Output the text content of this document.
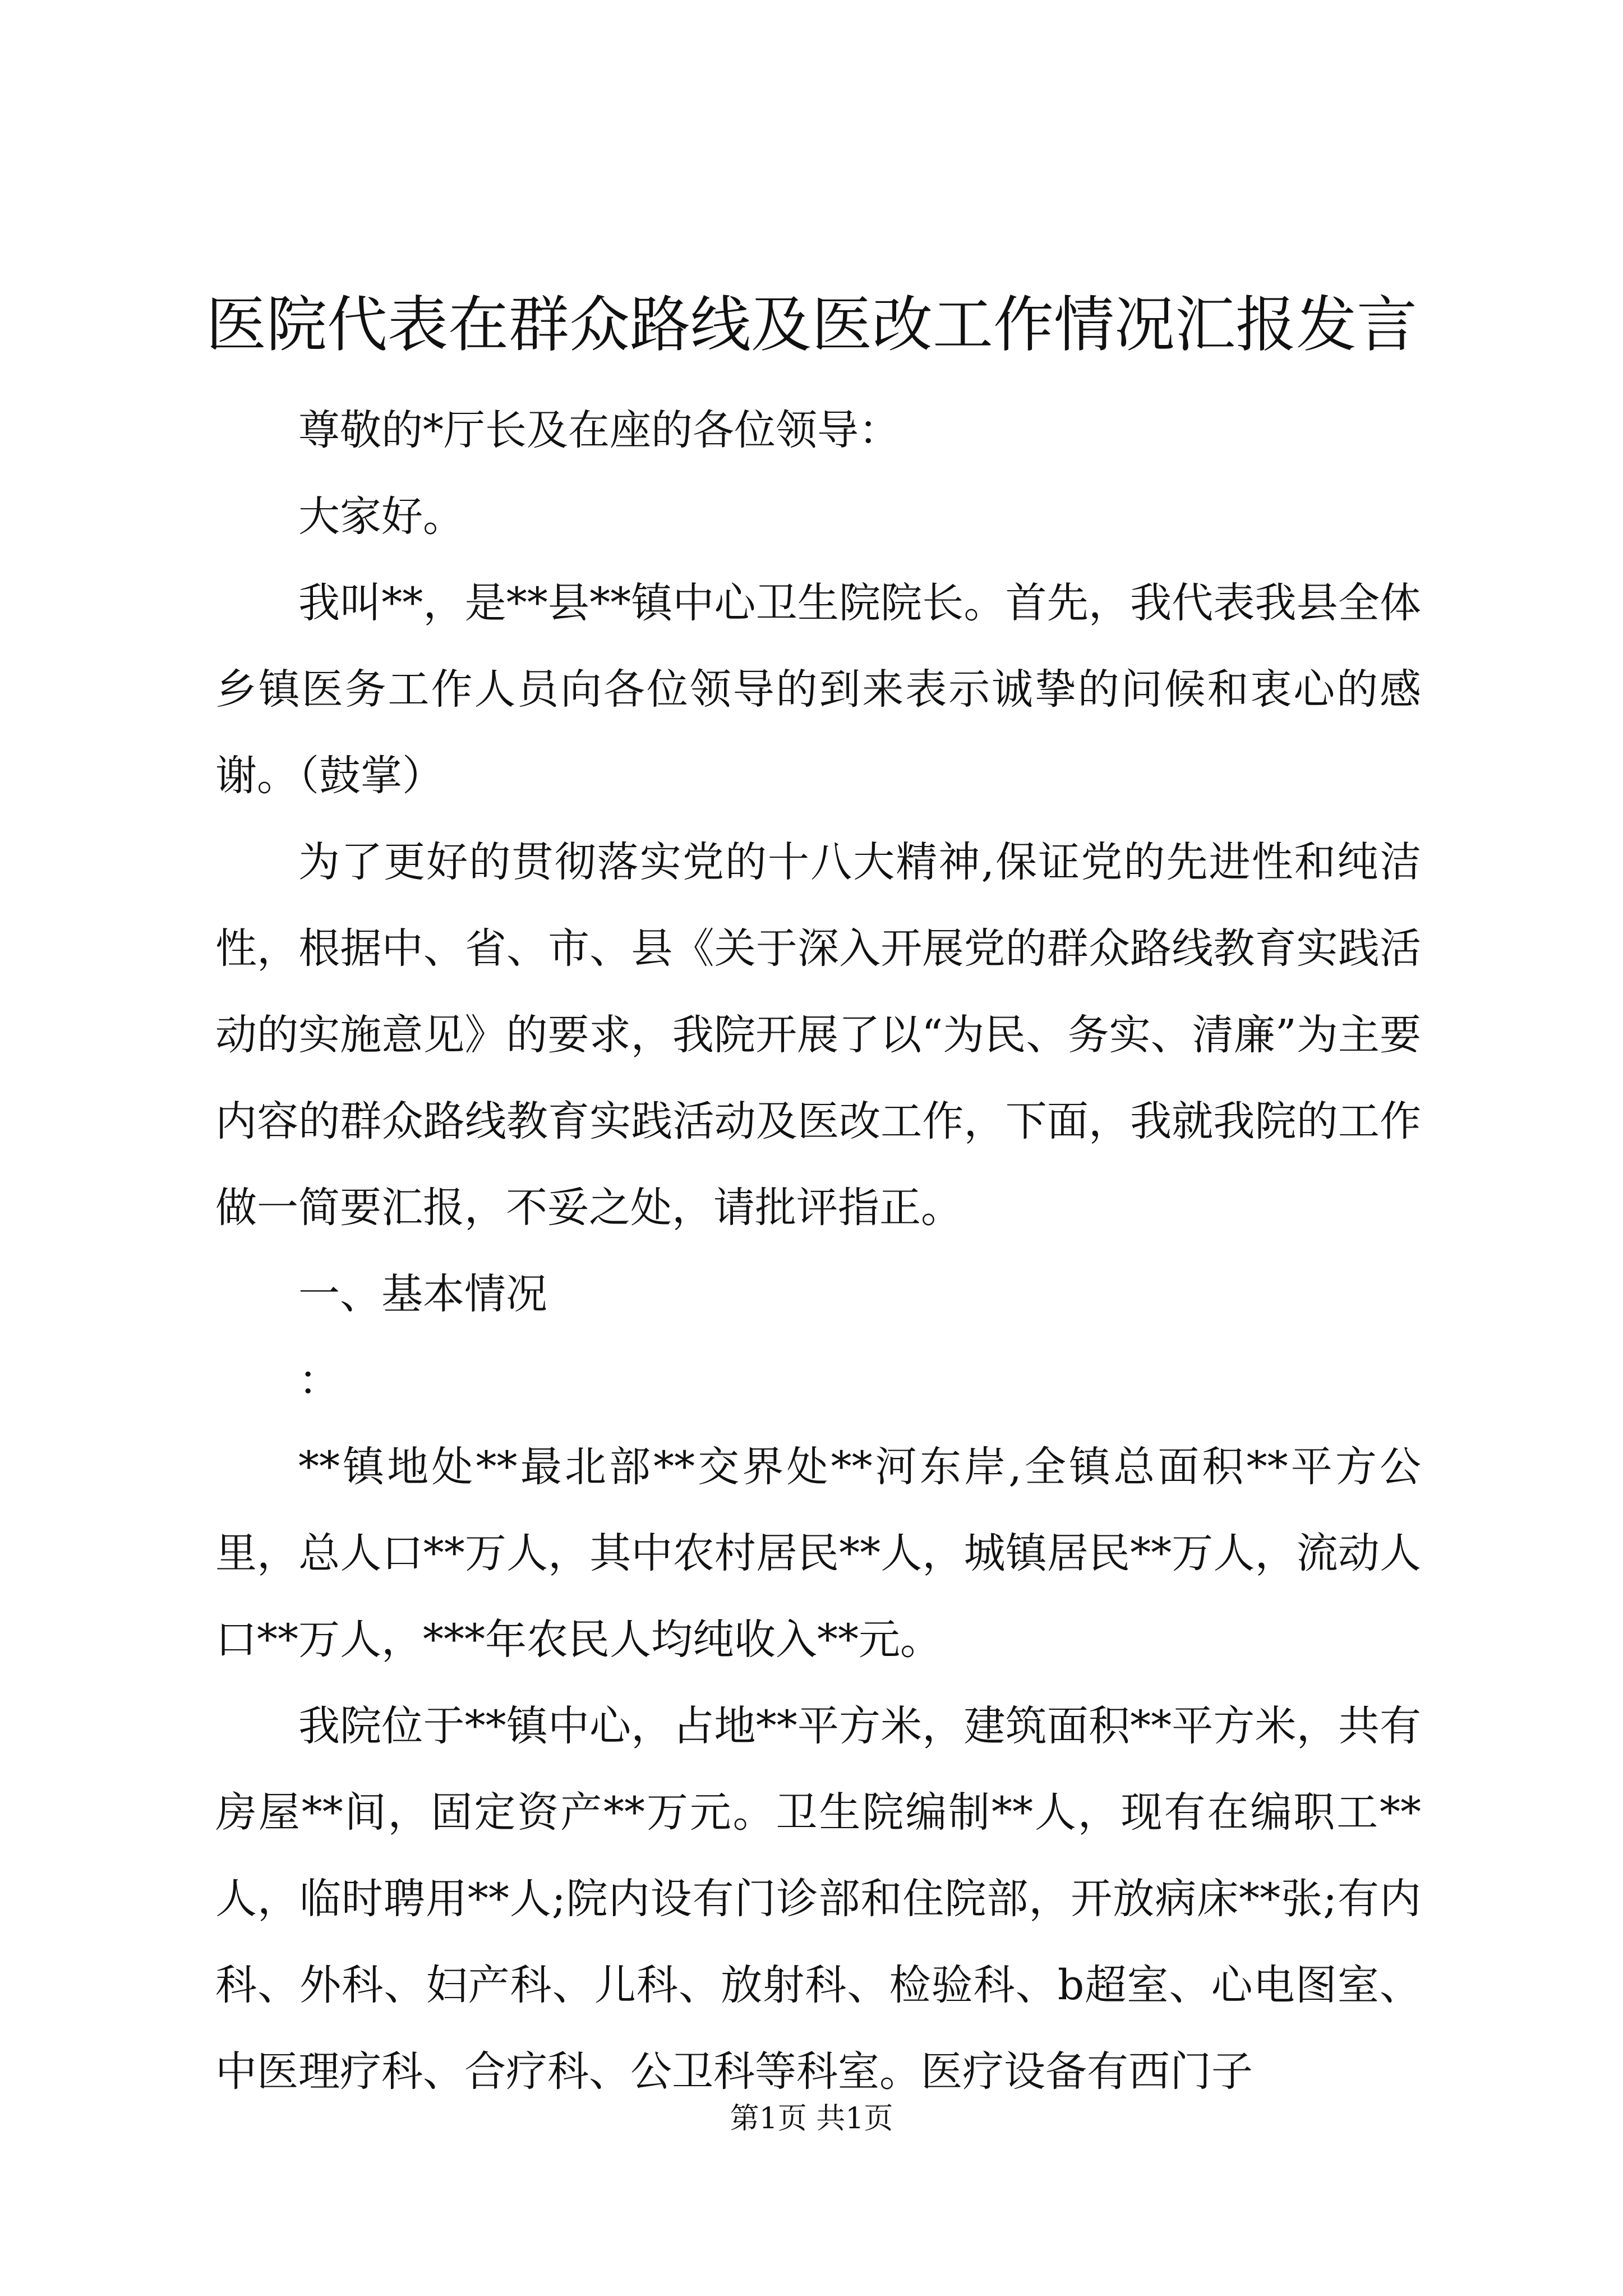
医院代表在群众路线及医改工作情况汇报发言

尊敬的*厅长及在座的各位领导：

大家好。

我叫**，是**县**镇中心卫生院院长。首先，我代表我县全体乡镇医务工作人员向各位领导的到来表示诚挚的问候和衷心的感谢。（鼓掌）

为了更好的贯彻落实党的十八大精神,保证党的先进性和纯洁性，根据中、省、市、县《关于深入开展党的群众路线教育实践活动的实施意见》的要求，我院开展了以“为民、务实、清廉”为主要内容的群众路线教育实践活动及医改工作，下面，我就我院的工作做一简要汇报，不妥之处，请批评指正。

一、基本情况

：

**镇地处**最北部**交界处**河东岸,全镇总面积**平方公里，总人口**万人，其中农村居民**人，城镇居民**万人，流动人口**万人，***年农民人均纯收入**元。

我院位于**镇中心，占地**平方米，建筑面积**平方米，共有房屋**间，固定资产**万元。卫生院编制**人，现有在编职工**人，临时聘用**人;院内设有门诊部和住院部，开放病床**张;有内科、外科、妇产科、儿科、放射科、检验科、b超室、心电图室、中医理疗科、合疗科、公卫科等科室。医疗设备有西门子

第1页 共1页
